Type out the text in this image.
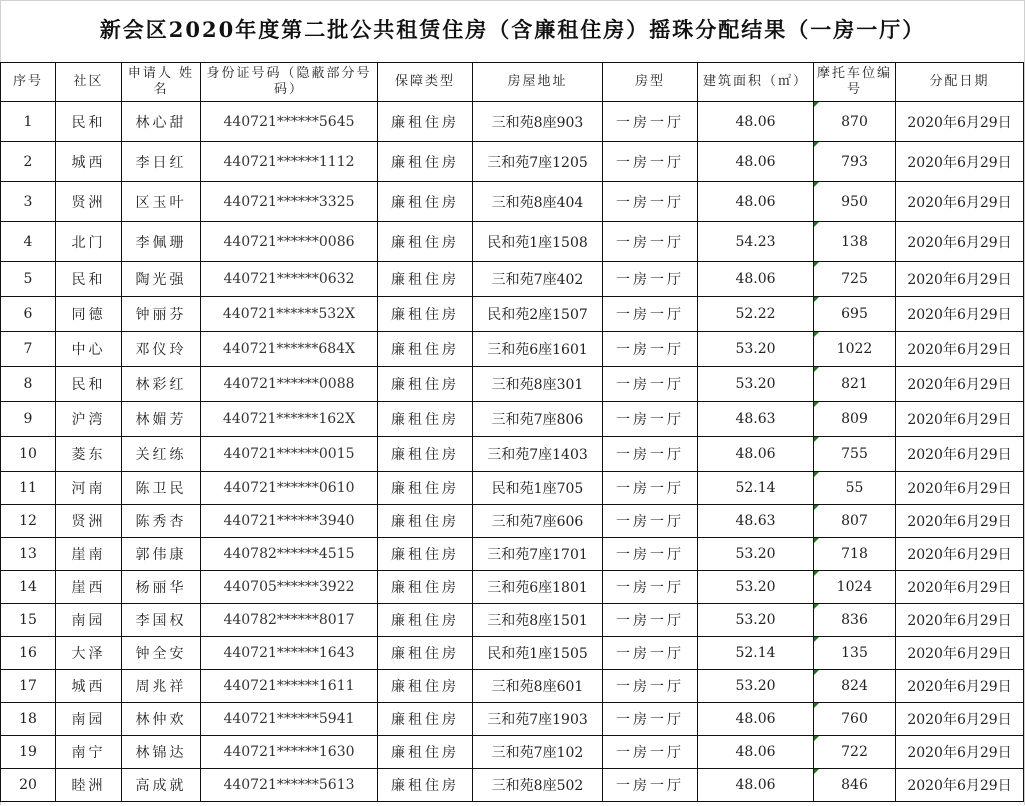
新会区2020年度第二批公共租赁住房（含廉租住房）摇珠分配结果（一房一厅）
序号	社区	申请人 姓名	身份证号码（隐蔽部分号码）	保障类型	房屋地址	房型	建筑面积（㎡）	摩托车位编号	分配日期
1	民和	林心甜	440721******5645	廉租住房	三和苑8座903	一房一厅	48.06	870	2020年6月29日
2	城西	李日红	440721******1112	廉租住房	三和苑7座1205	一房一厅	48.06	793	2020年6月29日
3	贤洲	区玉叶	440721******3325	廉租住房	三和苑8座404	一房一厅	48.06	950	2020年6月29日
4	北门	李佩珊	440721******0086	廉租住房	民和苑1座1508	一房一厅	54.23	138	2020年6月29日
5	民和	陶光强	440721******0632	廉租住房	三和苑7座402	一房一厅	48.06	725	2020年6月29日
6	同德	钟丽芬	440721******532X	廉租住房	民和苑2座1507	一房一厅	52.22	695	2020年6月29日
7	中心	邓仪玲	440721******684X	廉租住房	三和苑6座1601	一房一厅	53.20	1022	2020年6月29日
8	民和	林彩红	440721******0088	廉租住房	三和苑8座301	一房一厅	53.20	821	2020年6月29日
9	沪湾	林媚芳	440721******162X	廉租住房	三和苑7座806	一房一厅	48.63	809	2020年6月29日
10	菱东	关红练	440721******0015	廉租住房	三和苑7座1403	一房一厅	48.06	755	2020年6月29日
11	河南	陈卫民	440721******0610	廉租住房	民和苑1座705	一房一厅	52.14	55	2020年6月29日
12	贤洲	陈秀杏	440721******3940	廉租住房	三和苑7座606	一房一厅	48.63	807	2020年6月29日
13	崖南	郭伟康	440782******4515	廉租住房	三和苑7座1701	一房一厅	53.20	718	2020年6月29日
14	崖西	杨丽华	440705******3922	廉租住房	三和苑6座1801	一房一厅	53.20	1024	2020年6月29日
15	南园	李国权	440782******8017	廉租住房	三和苑8座1501	一房一厅	53.20	836	2020年6月29日
16	大泽	钟全安	440721******1643	廉租住房	民和苑1座1505	一房一厅	52.14	135	2020年6月29日
17	城西	周兆祥	440721******1611	廉租住房	三和苑8座601	一房一厅	53.20	824	2020年6月29日
18	南园	林仲欢	440721******5941	廉租住房	三和苑7座1903	一房一厅	48.06	760	2020年6月29日
19	南宁	林锦达	440721******1630	廉租住房	三和苑7座102	一房一厅	48.06	722	2020年6月29日
20	睦洲	高成就	440721******5613	廉租住房	三和苑8座502	一房一厅	48.06	846	2020年6月29日
